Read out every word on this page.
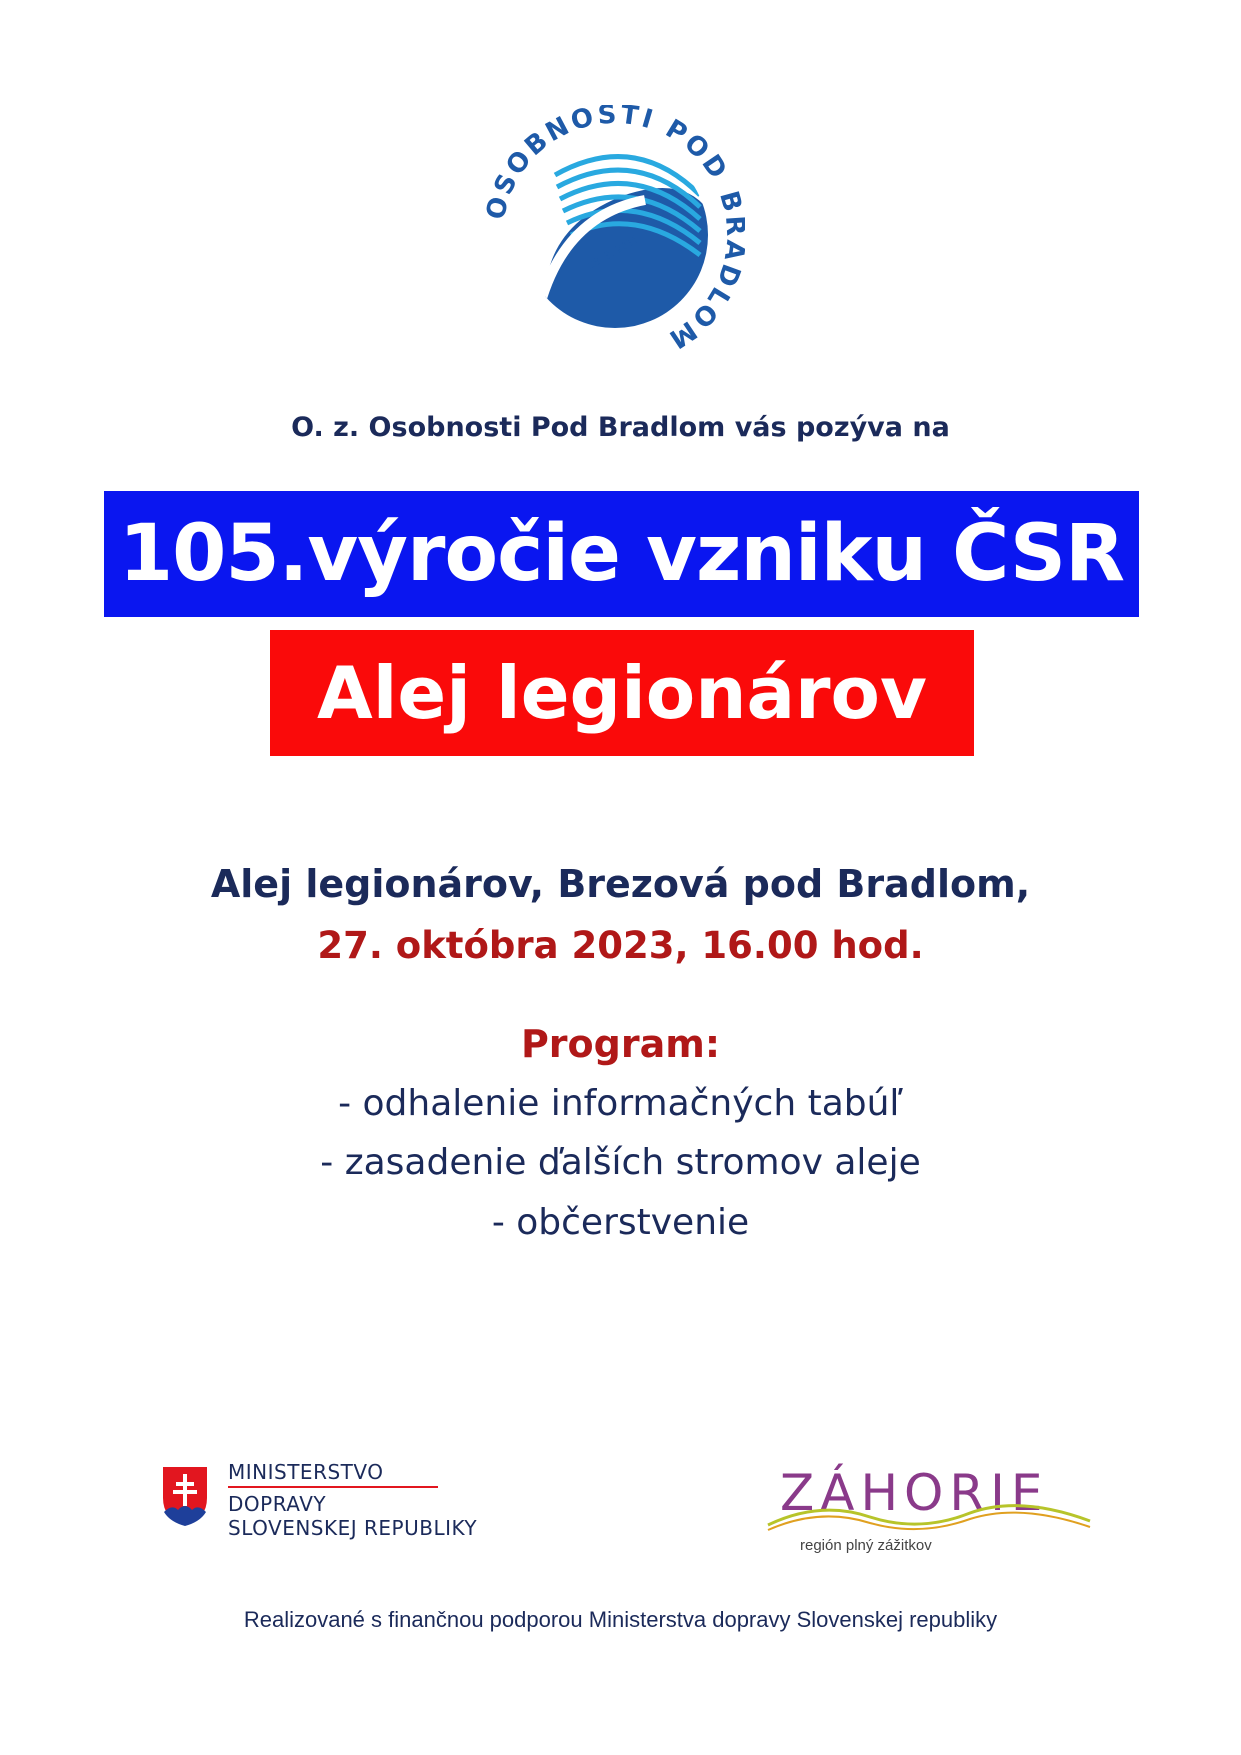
SOBNOSTI POD B DLOM
28. 3. 2016
O. z. Osobnosti Pod Bradlom vás pozýva na
105.výročie vzniku ČSR
Alej legionárov
Alej legionárov, Brezová pod Bradlom,
27. októbra 2023, 16.00 hod.
Program:
- odhalenie informačných tabúľ
- zasadenie ďalších stromov aleje
- občerstvenie
MINISTERSTVO
DOPRAVY
SLOVENSKEJ REPUBLIKY
ZÁHORIE
región plný zážitkov
Realizované s finančnou podporou Ministerstva dopravy Slovenskej republiky
